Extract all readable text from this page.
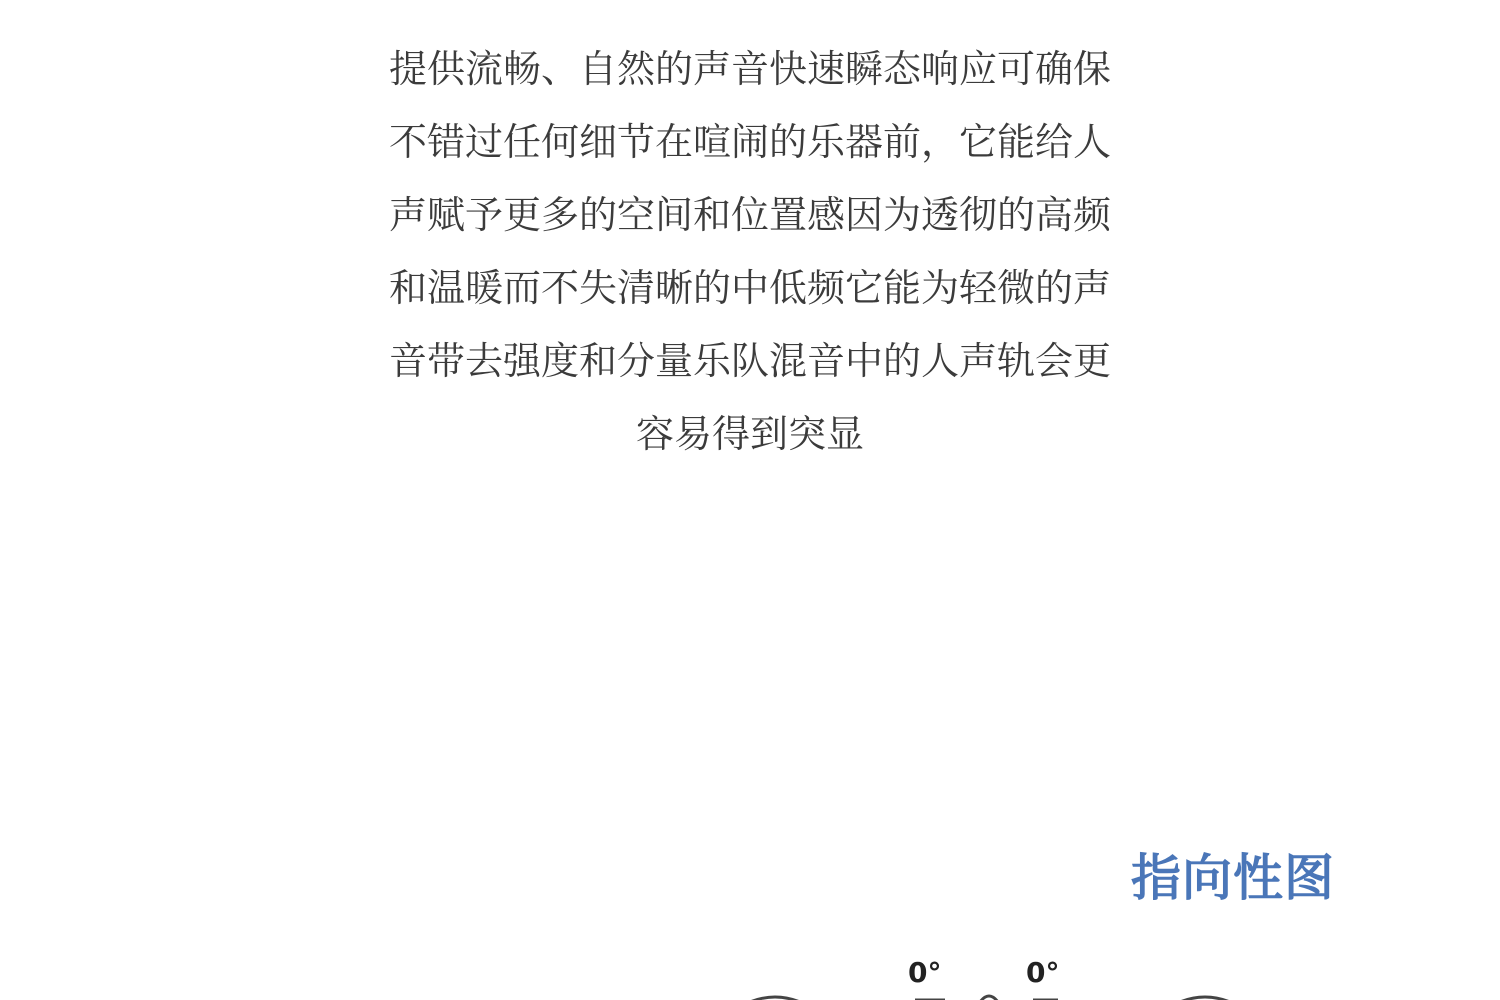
提供流畅、自然的声音快速瞬态响应可确保
不错过任何细节在喧闹的乐器前，它能给人
声赋予更多的空间和位置感因为透彻的高频
和温暖而不失清晰的中低频它能为轻微的声
音带去强度和分量乐队混音中的人声轨会更
容易得到突显

指向性图
0°	0°
